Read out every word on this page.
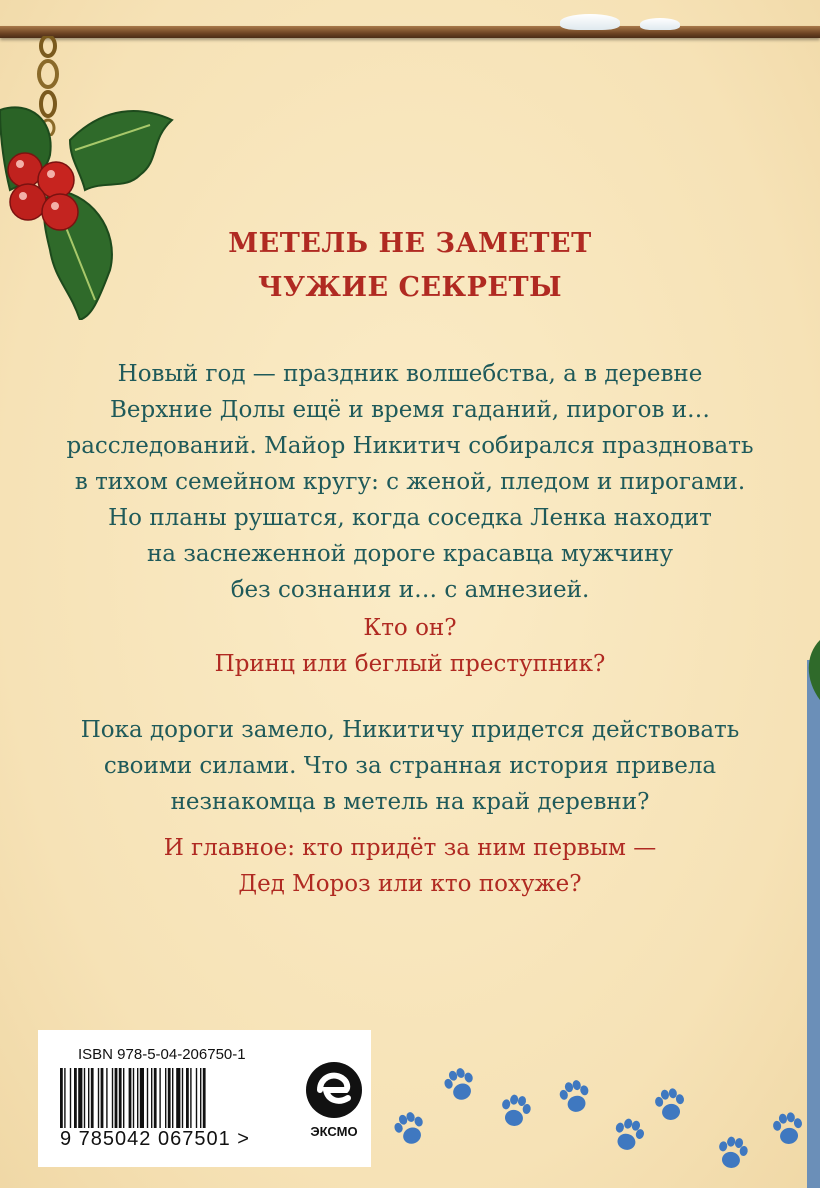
МЕТЕЛЬ НЕ ЗАМЕТЕТ
ЧУЖИЕ СЕКРЕТЫ
Новый год — праздник волшебства, а в деревне
Верхние Долы ещё и время гаданий, пирогов и…
расследований. Майор Никитич собирался праздновать
в тихом семейном кругу: с женой, пледом и пирогами.
Но планы рушатся, когда соседка Ленка находит
на заснеженной дороге красавца мужчину
без сознания и… с амнезией.
Кто он?
Принц или беглый преступник?
Пока дороги замело, Никитичу придется действовать
своими силами. Что за странная история привела
незнакомца в метель на край деревни?
И главное: кто придёт за ним первым —
Дед Мороз или кто похуже?
ISBN 978-5-04-206750-1
9 785042 067501 >	ЭКСМО
